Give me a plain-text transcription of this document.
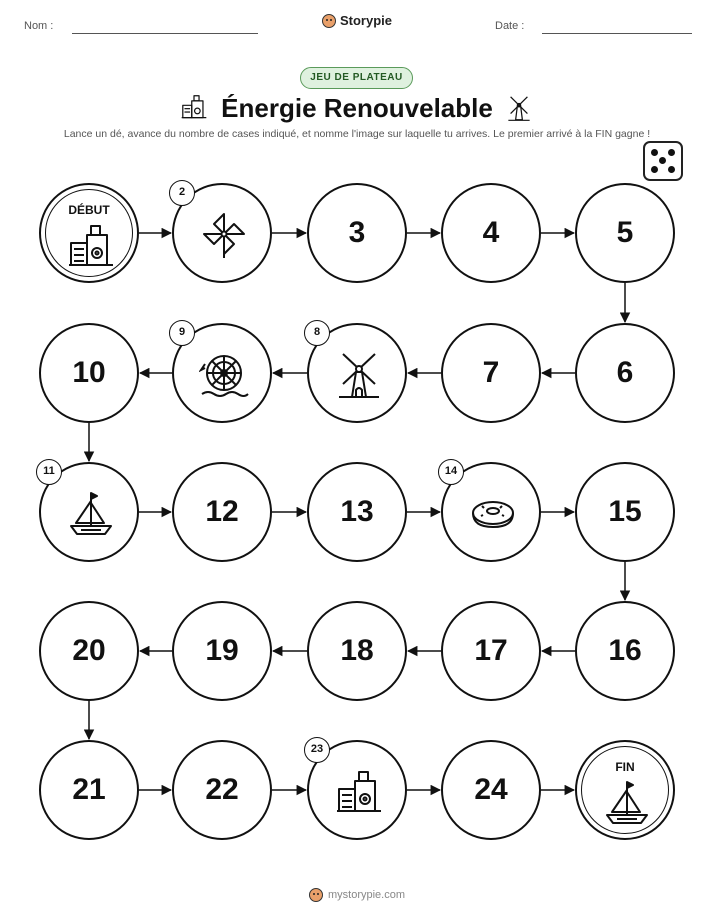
Nom :	Storypie	Date :
JEU DE PLATEAU
Énergie Renouvelable
Lance un dé, avance du nombre de cases indiqué, et nomme l'image sur laquelle tu arrives. Le premier arrivé à la FIN gagne !
DÉBUT
2
3	4	5
6
7
8
9
10
11
12	13
14
15
16
17
18
19
20
21	22
23
24
FIN
mystorypie.com
